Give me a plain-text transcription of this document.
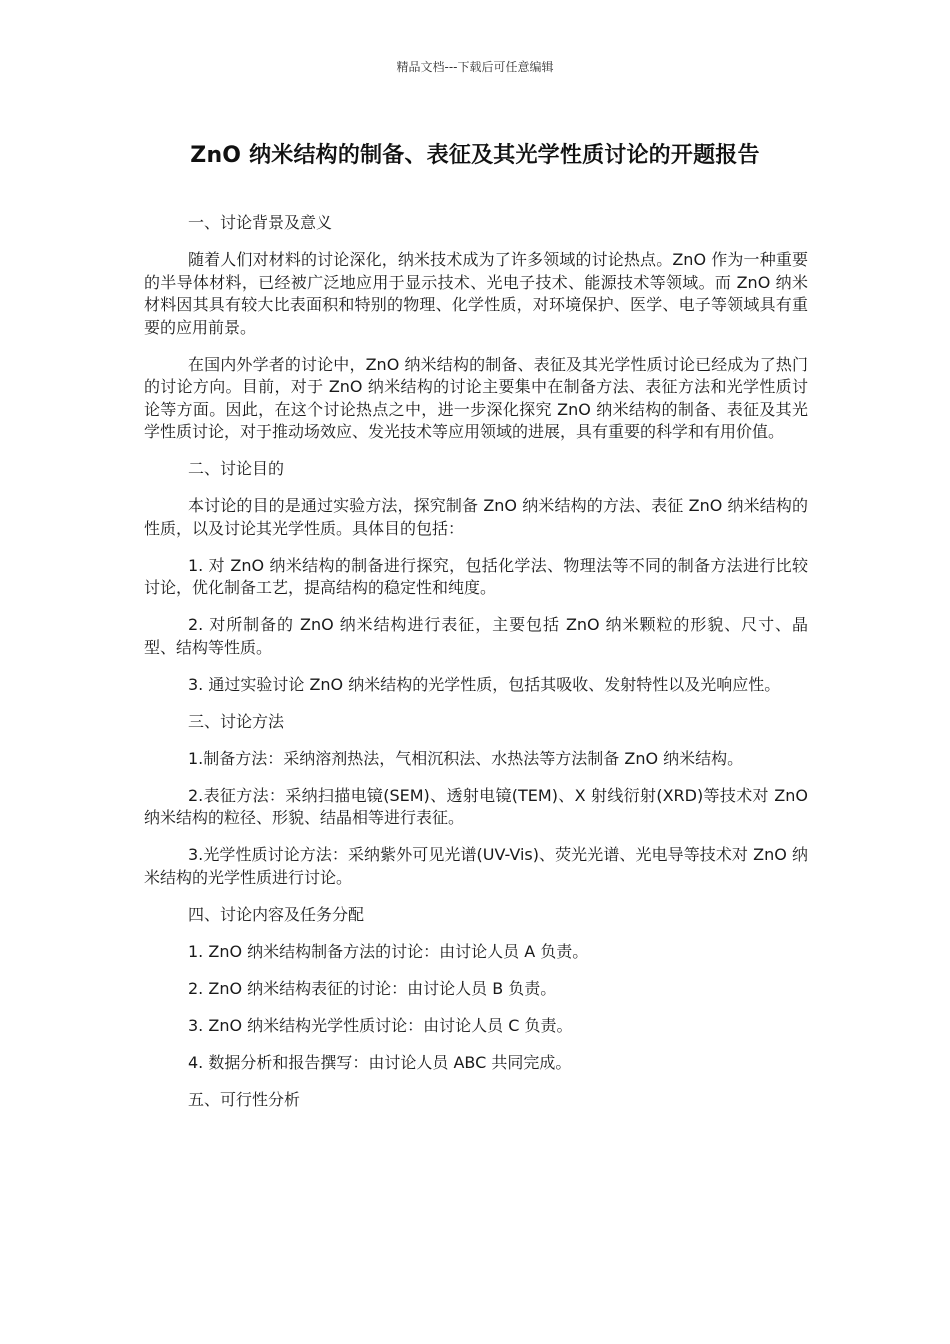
精品文档---下载后可任意编辑
ZnO 纳米结构的制备、表征及其光学性质讨论的开题报告

一、讨论背景及意义

随着人们对材料的讨论深化，纳米技术成为了许多领域的讨论热点。ZnO 作为一种重要的半导体材料，已经被广泛地应用于显示技术、光电子技术、能源技术等领域。而 ZnO 纳米材料因其具有较大比表面积和特别的物理、化学性质，对环境保护、医学、电子等领域具有重要的应用前景。

在国内外学者的讨论中，ZnO 纳米结构的制备、表征及其光学性质讨论已经成为了热门的讨论方向。目前，对于 ZnO 纳米结构的讨论主要集中在制备方法、表征方法和光学性质讨论等方面。因此，在这个讨论热点之中，进一步深化探究 ZnO 纳米结构的制备、表征及其光学性质讨论，对于推动场效应、发光技术等应用领域的进展，具有重要的科学和有用价值。

二、讨论目的

本讨论的目的是通过实验方法，探究制备 ZnO 纳米结构的方法、表征 ZnO 纳米结构的性质，以及讨论其光学性质。具体目的包括：

1. 对 ZnO 纳米结构的制备进行探究，包括化学法、物理法等不同的制备方法进行比较讨论，优化制备工艺，提高结构的稳定性和纯度。

2. 对所制备的 ZnO 纳米结构进行表征，主要包括 ZnO 纳米颗粒的形貌、尺寸、晶型、结构等性质。

3. 通过实验讨论 ZnO 纳米结构的光学性质，包括其吸收、发射特性以及光响应性。

三、讨论方法

1.制备方法：采纳溶剂热法，气相沉积法、水热法等方法制备 ZnO 纳米结构。

2.表征方法：采纳扫描电镜(SEM)、透射电镜(TEM)、X 射线衍射(XRD)等技术对 ZnO 纳米结构的粒径、形貌、结晶相等进行表征。

3.光学性质讨论方法：采纳紫外可见光谱(UV-Vis)、荧光光谱、光电导等技术对 ZnO 纳米结构的光学性质进行讨论。

四、讨论内容及任务分配

1. ZnO 纳米结构制备方法的讨论：由讨论人员 A 负责。

2. ZnO 纳米结构表征的讨论：由讨论人员 B 负责。

3. ZnO 纳米结构光学性质讨论：由讨论人员 C 负责。

4. 数据分析和报告撰写：由讨论人员 ABC 共同完成。

五、可行性分析
